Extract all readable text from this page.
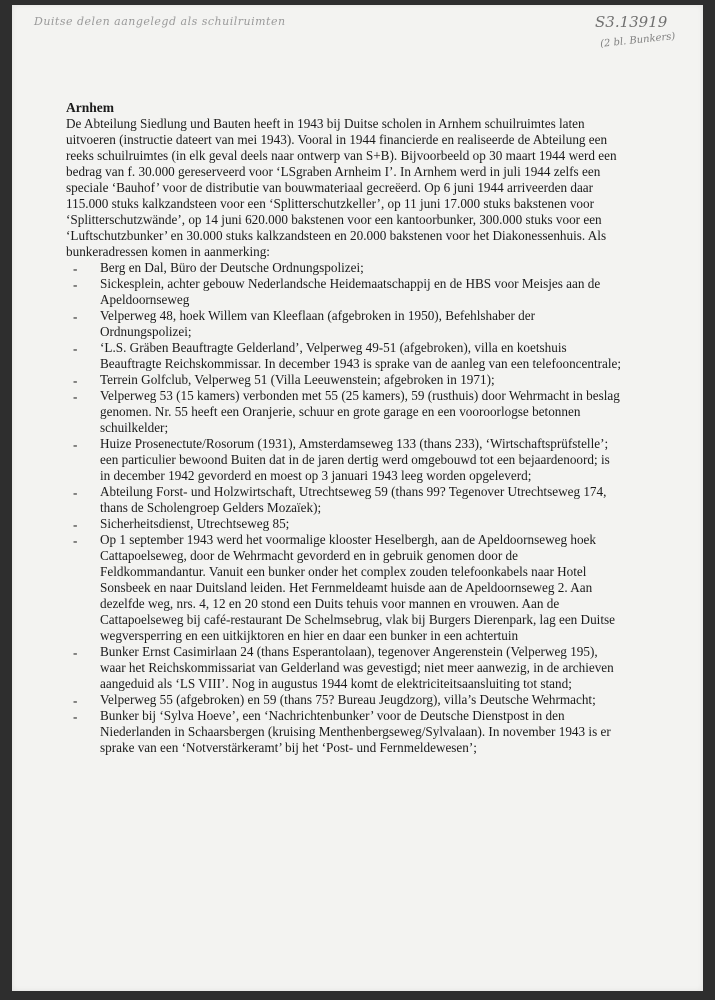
Duitse delen aangelegd als schuilruimten	S3.13919
(2 bl. Bunkers)
Arnhem

De Abteilung Siedlung und Bauten heeft in 1943 bij Duitse scholen in Arnhem schuilruimtes laten uitvoeren (instructie dateert van mei 1943). Vooral in 1944 financierde en realiseerde de Abteilung een reeks schuilruimtes (in elk geval deels naar ontwerp van S+B). Bijvoorbeeld op 30 maart 1944 werd een bedrag van f. 30.000 gereserveerd voor ‘LSgraben Arnheim I’. In Arnhem werd in juli 1944 zelfs een speciale ‘Bauhof’ voor de distributie van bouwmateriaal gecreëerd. Op 6 juni 1944 arriveerden daar 115.000 stuks kalkzandsteen voor een ‘Splitterschutzkeller’, op 11 juni 17.000 stuks bakstenen voor ‘Splitterschutzwände’, op 14 juni 620.000 bakstenen voor een kantoorbunker, 300.000 stuks voor een ‘Luftschutzbunker’ en 30.000 stuks kalkzandsteen en 20.000 bakstenen voor het Diakonessenhuis. Als bunkeradressen komen in aanmerking:

- Berg en Dal, Büro der Deutsche Ordnungspolizei;
- Sickesplein, achter gebouw Nederlandsche Heidemaatschappij en de HBS voor Meisjes aan de Apeldoornseweg
- Velperweg 48, hoek Willem van Kleeflaan (afgebroken in 1950), Befehlshaber der Ordnungspolizei;
- ‘L.S. Gräben Beauftragte Gelderland’, Velperweg 49-51 (afgebroken), villa en koetshuis Beauftragte Reichskommissar. In december 1943 is sprake van de aanleg van een telefooncentrale;
- Terrein Golfclub, Velperweg 51 (Villa Leeuwenstein; afgebroken in 1971);
- Velperweg 53 (15 kamers) verbonden met 55 (25 kamers), 59 (rusthuis) door Wehrmacht in beslag genomen. Nr. 55 heeft een Oranjerie, schuur en grote garage en een vooroorlogse betonnen schuilkelder;
- Huize Prosenectute/Rosorum (1931), Amsterdamseweg 133 (thans 233), ‘Wirtschaftsprüfstelle’; een particulier bewoond Buiten dat in de jaren dertig werd omgebouwd tot een bejaardenoord; is in december 1942 gevorderd en moest op 3 januari 1943 leeg worden opgeleverd;
- Abteilung Forst- und Holzwirtschaft, Utrechtseweg 59 (thans 99? Tegenover Utrechtseweg 174, thans de Scholengroep Gelders Mozaïek);
- Sicherheitsdienst, Utrechtseweg 85;
- Op 1 september 1943 werd het voormalige klooster Heselbergh, aan de Apeldoornseweg hoek Cattapoelseweg, door de Wehrmacht gevorderd en in gebruik genomen door de Feldkommandantur. Vanuit een bunker onder het complex zouden telefoonkabels naar Hotel Sonsbeek en naar Duitsland leiden. Het Fernmeldeamt huisde aan de Apeldoornseweg 2. Aan dezelfde weg, nrs. 4, 12 en 20 stond een Duits tehuis voor mannen en vrouwen. Aan de Cattapoelseweg bij café-restaurant De Schelmsebrug, vlak bij Burgers Dierenpark, lag een Duitse wegversperring en een uitkijktoren en hier en daar een bunker in een achtertuin
- Bunker Ernst Casimirlaan 24 (thans Esperantolaan), tegenover Angerenstein (Velperweg 195), waar het Reichskommissariat van Gelderland was gevestigd; niet meer aanwezig, in de archieven aangeduid als ‘LS VIII’. Nog in augustus 1944 komt de elektriciteitsaansluiting tot stand;
- Velperweg 55 (afgebroken) en 59 (thans 75? Bureau Jeugdzorg), villa’s Deutsche Wehrmacht;
- Bunker bij ‘Sylva Hoeve’, een ‘Nachrichtenbunker’ voor de Deutsche Dienstpost in den Niederlanden in Schaarsbergen (kruising Menthenbergseweg/Sylvalaan). In november 1943 is er sprake van een ‘Notverstärkeramt’ bij het ‘Post- und Fernmeldewesen’;
